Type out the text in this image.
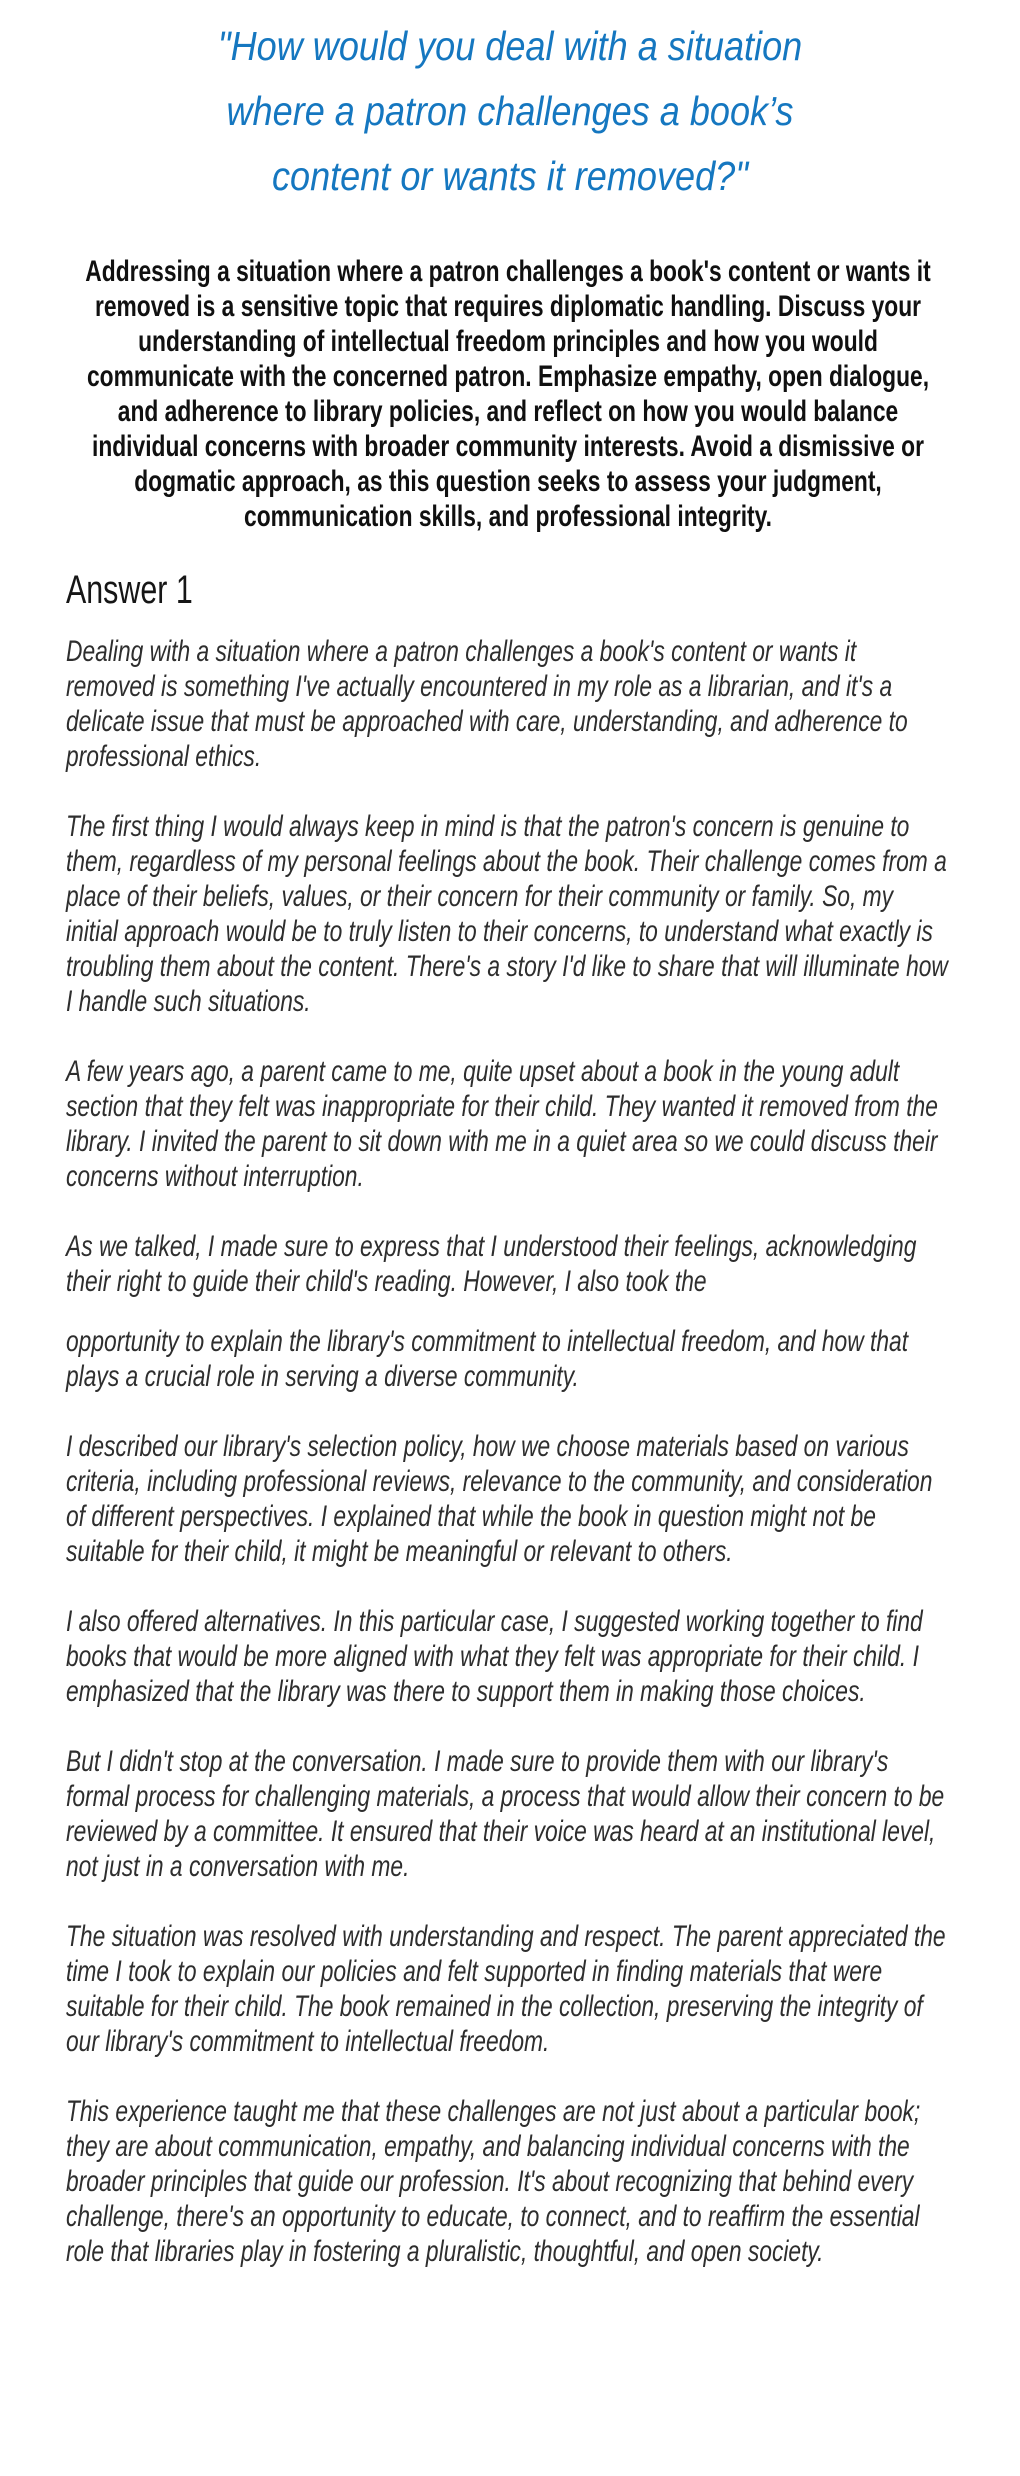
"How would you deal with a situation
where a patron challenges a book’s
content or wants it removed?"
Addressing a situation where a patron challenges a book's content or wants it removed is a sensitive topic that requires diplomatic handling. Discuss your understanding of intellectual freedom principles and how you would communicate with the concerned patron. Emphasize empathy, open dialogue, and adherence to library policies, and reflect on how you would balance individual concerns with broader community interests. Avoid a dismissive or dogmatic approach, as this question seeks to assess your judgment, communication skills, and professional integrity.
Answer 1

Dealing with a situation where a patron challenges a book's content or wants it removed is something I've actually encountered in my role as a librarian, and it's a delicate issue that must be approached with care, understanding, and adherence to professional ethics.

The first thing I would always keep in mind is that the patron's concern is genuine to them, regardless of my personal feelings about the book. Their challenge comes from a place of their beliefs, values, or their concern for their community or family. So, my initial approach would be to truly listen to their concerns, to understand what exactly is troubling them about the content. There's a story I'd like to share that will illuminate how I handle such situations.

A few years ago, a parent came to me, quite upset about a book in the young adult section that they felt was inappropriate for their child. They wanted it removed from the library. I invited the parent to sit down with me in a quiet area so we could discuss their concerns without interruption.

As we talked, I made sure to express that I understood their feelings, acknowledging their right to guide their child's reading. However, I also took the

opportunity to explain the library's commitment to intellectual freedom, and how that plays a crucial role in serving a diverse community.

I described our library's selection policy, how we choose materials based on various criteria, including professional reviews, relevance to the community, and consideration of different perspectives. I explained that while the book in question might not be suitable for their child, it might be meaningful or relevant to others.

I also offered alternatives. In this particular case, I suggested working together to find books that would be more aligned with what they felt was appropriate for their child. I emphasized that the library was there to support them in making those choices.

But I didn't stop at the conversation. I made sure to provide them with our library's formal process for challenging materials, a process that would allow their concern to be reviewed by a committee. It ensured that their voice was heard at an institutional level, not just in a conversation with me.

The situation was resolved with understanding and respect. The parent appreciated the time I took to explain our policies and felt supported in finding materials that were suitable for their child. The book remained in the collection, preserving the integrity of our library's commitment to intellectual freedom.

This experience taught me that these challenges are not just about a particular book; they are about communication, empathy, and balancing individual concerns with the broader principles that guide our profession. It's about recognizing that behind every challenge, there's an opportunity to educate, to connect, and to reaffirm the essential role that libraries play in fostering a pluralistic, thoughtful, and open society.
